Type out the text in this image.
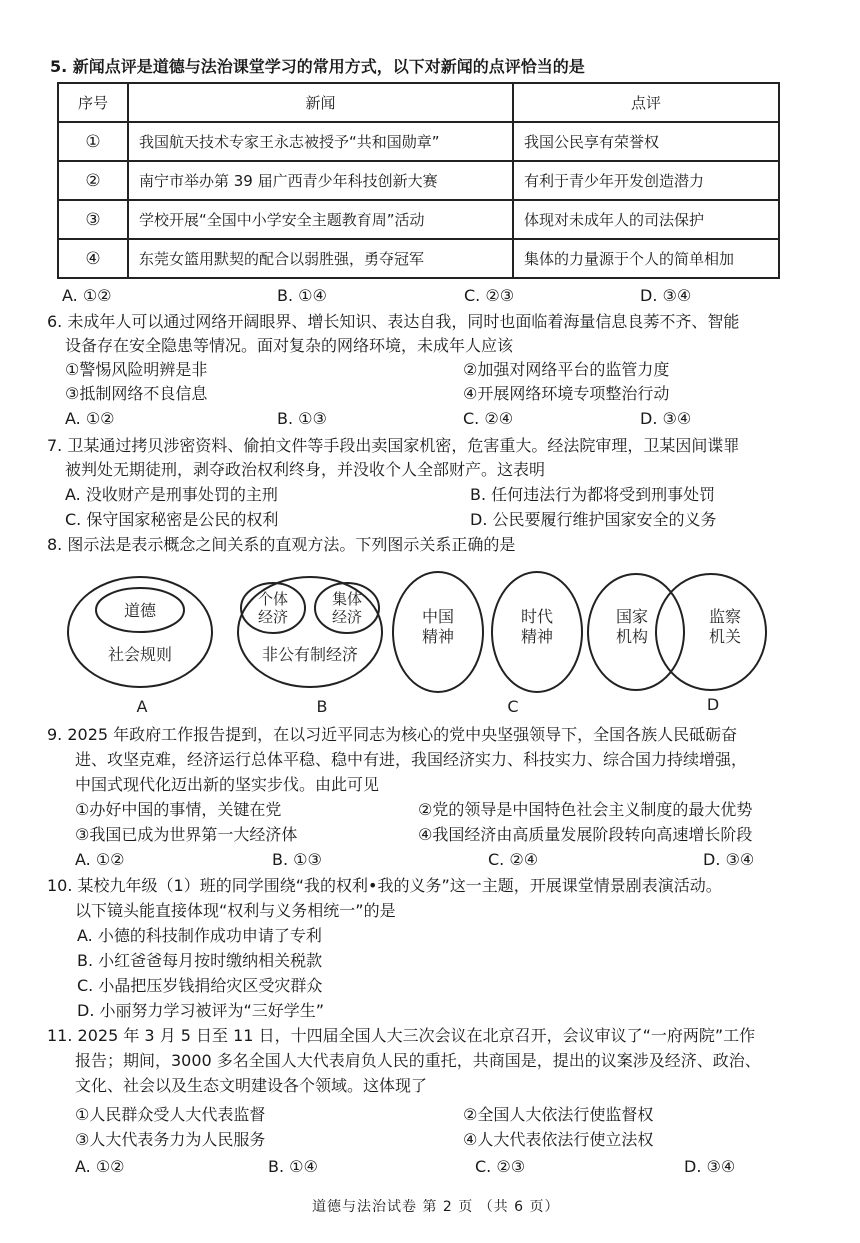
5. 新闻点评是道德与法治课堂学习的常用方式，以下对新闻的点评恰当的是
序号	新闻	点评
①	我国航天技术专家王永志被授予“共和国勋章”	我国公民享有荣誉权
②	南宁市举办第 39 届广西青少年科技创新大赛	有利于青少年开发创造潜力
③	学校开展“全国中小学安全主题教育周”活动	体现对未成年人的司法保护
④	东莞女篮用默契的配合以弱胜强，勇夺冠军	集体的力量源于个人的简单相加
A. ①②	B. ①④	C. ②③	D. ③④
6. 未成年人可以通过网络开阔眼界、增长知识、表达自我，同时也面临着海量信息良莠不齐、智能
设备存在安全隐患等情况。面对复杂的网络环境，未成年人应该
①警惕风险明辨是非	②加强对网络平台的监管力度
③抵制网络不良信息	④开展网络环境专项整治行动
A. ①②	B. ①③	C. ②④	D. ③④
7. 卫某通过拷贝涉密资料、偷拍文件等手段出卖国家机密，危害重大。经法院审理，卫某因间谍罪
被判处无期徒刑，剥夺政治权利终身，并没收个人全部财产。这表明
A. 没收财产是刑事处罚的主刑	B. 任何违法行为都将受到刑事处罚
C. 保守国家秘密是公民的权利	D. 公民要履行维护国家安全的义务
8. 图示法是表示概念之间关系的直观方法。下列图示关系正确的是
道德
社会规则
个体
经济
集体
经济
非公有制经济
中国
精神
时代
精神
国家
机构
监察
机关
A	B	C	D
9. 2025 年政府工作报告提到，在以习近平同志为核心的党中央坚强领导下，全国各族人民砥砺奋
进、攻坚克难，经济运行总体平稳、稳中有进，我国经济实力、科技实力、综合国力持续增强，
中国式现代化迈出新的坚实步伐。由此可见
①办好中国的事情，关键在党	②党的领导是中国特色社会主义制度的最大优势
③我国已成为世界第一大经济体	④我国经济由高质量发展阶段转向高速增长阶段
A. ①②	B. ①③	C. ②④	D. ③④
10. 某校九年级（1）班的同学围绕“我的权利•我的义务”这一主题，开展课堂情景剧表演活动。
以下镜头能直接体现“权利与义务相统一”的是
A. 小德的科技制作成功申请了专利
B. 小红爸爸每月按时缴纳相关税款
C. 小晶把压岁钱捐给灾区受灾群众
D. 小丽努力学习被评为“三好学生”
11. 2025 年 3 月 5 日至 11 日，十四届全国人大三次会议在北京召开，会议审议了“一府两院”工作
报告；期间，3000 多名全国人大代表肩负人民的重托，共商国是，提出的议案涉及经济、政治、
文化、社会以及生态文明建设各个领域。这体现了
①人民群众受人大代表监督	②全国人大依法行使监督权
③人大代表务力为人民服务	④人大代表依法行使立法权
A. ①②	B. ①④	C. ②③	D. ③④
道德与法治试卷 第 2 页 （共 6 页）
